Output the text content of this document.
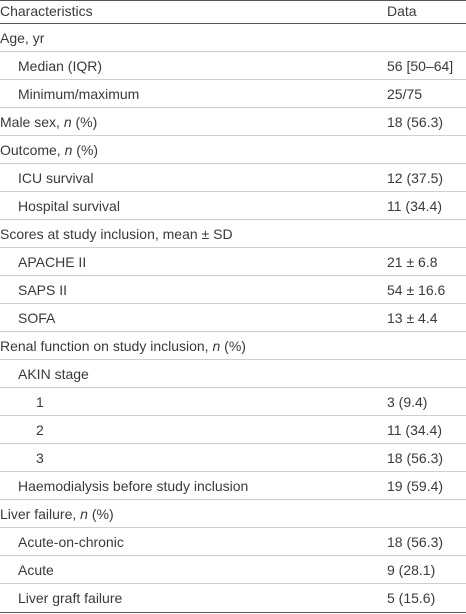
Characteristics	Data
Age, yr
Median (IQR)	56 [50–64]
Minimum/maximum	25/75
Male sex, n (%)	18 (56.3)
Outcome, n (%)
ICU survival	12 (37.5)
Hospital survival	11 (34.4)
Scores at study inclusion, mean ± SD
APACHE II	21 ± 6.8
SAPS II	54 ± 16.6
SOFA	13 ± 4.4
Renal function on study inclusion, n (%)
AKIN stage
1	3 (9.4)
2	11 (34.4)
3	18 (56.3)
Haemodialysis before study inclusion	19 (59.4)
Liver failure, n (%)
Acute-on-chronic	18 (56.3)
Acute	9 (28.1)
Liver graft failure	5 (15.6)
